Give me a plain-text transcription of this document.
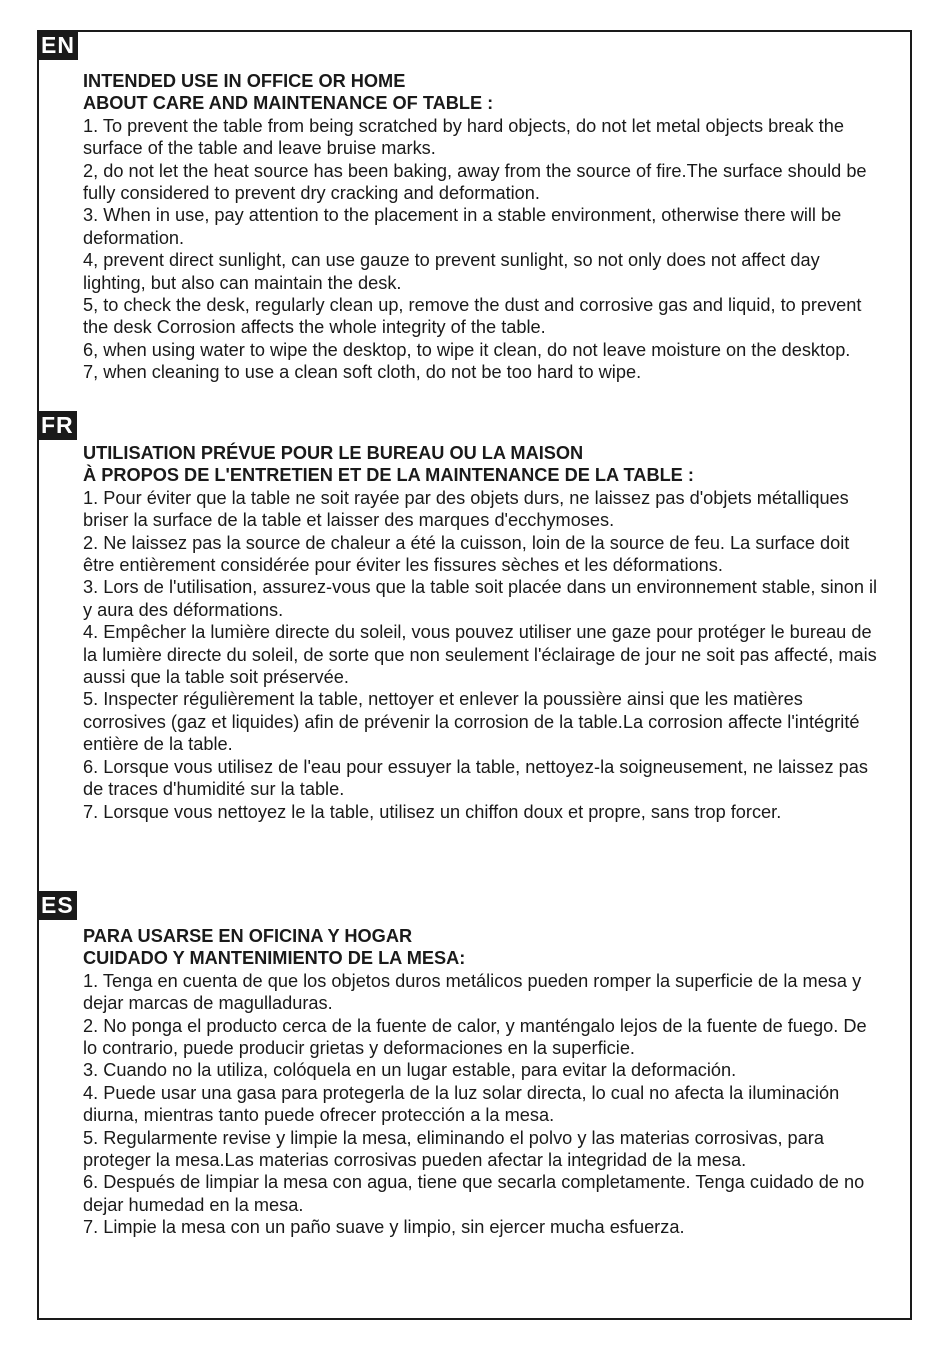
EN

INTENDED USE IN OFFICE OR HOME

ABOUT CARE AND MAINTENANCE OF TABLE :

1. To prevent the table from being scratched by hard objects, do not let metal objects break the surface of the table and leave bruise marks.

2, do not let the heat source has been baking, away from the source of fire.The surface should be fully considered to prevent dry cracking and deformation.

3. When in use, pay attention to the placement in a stable environment, otherwise there will be deformation.

4, prevent direct sunlight, can use gauze to prevent sunlight, so not only does not affect day lighting, but also can maintain the desk.

5, to check the desk, regularly clean up, remove the dust and corrosive gas and liquid, to prevent the desk Corrosion affects the whole integrity of the table.

6, when using water to wipe the desktop, to wipe it clean, do not leave moisture on the desktop.

7, when cleaning to use a clean soft cloth, do not be too hard to wipe.

FR

UTILISATION PRÉVUE POUR LE BUREAU OU LA MAISON

À PROPOS DE L'ENTRETIEN ET DE LA MAINTENANCE DE LA TABLE :

1. Pour éviter que la table ne soit rayée par des objets durs, ne laissez pas d'objets métalliques briser la surface de la table et laisser des marques d'ecchymoses.

2. Ne laissez pas la source de chaleur a été la cuisson, loin de la source de feu. La surface doit être entièrement considérée pour éviter les fissures sèches et les déformations.

3. Lors de l'utilisation, assurez-vous que la table soit placée dans un environnement stable, sinon il y aura des déformations.

4. Empêcher la lumière directe du soleil, vous pouvez utiliser une gaze pour protéger le bureau de la lumière directe du soleil, de sorte que non seulement l'éclairage de jour ne soit pas affecté, mais aussi que la table soit préservée.

5. Inspecter régulièrement la table, nettoyer et enlever la poussière ainsi que les matières corrosives (gaz et liquides) afin de prévenir la corrosion de la table.La corrosion affecte l'intégrité entière de la table.

6. Lorsque vous utilisez de l'eau pour essuyer la table, nettoyez-la soigneusement, ne laissez pas de traces d'humidité sur la table.

7. Lorsque vous nettoyez le la table, utilisez un chiffon doux et propre, sans trop forcer.

ES

PARA USARSE EN OFICINA Y HOGAR

CUIDADO Y MANTENIMIENTO DE LA MESA:

1. Tenga en cuenta de que los objetos duros metálicos pueden romper la superficie de la mesa y dejar marcas de magulladuras.

2. No ponga el producto cerca de la fuente de calor, y manténgalo lejos de la fuente de fuego. De lo contrario, puede producir grietas y deformaciones en la superficie.

3. Cuando no la utiliza, colóquela en un lugar estable, para evitar la deformación.

4. Puede usar una gasa para protegerla de la luz solar directa, lo cual no afecta la iluminación diurna, mientras tanto puede ofrecer protección a la mesa.

5. Regularmente revise y limpie la mesa, eliminando el polvo y las materias corrosivas, para proteger la mesa.Las materias corrosivas pueden afectar la integridad de la mesa.

6. Después de limpiar la mesa con agua, tiene que secarla completamente. Tenga cuidado de no dejar humedad en la mesa.

7. Limpie la mesa con un paño suave y limpio, sin ejercer mucha esfuerza.
